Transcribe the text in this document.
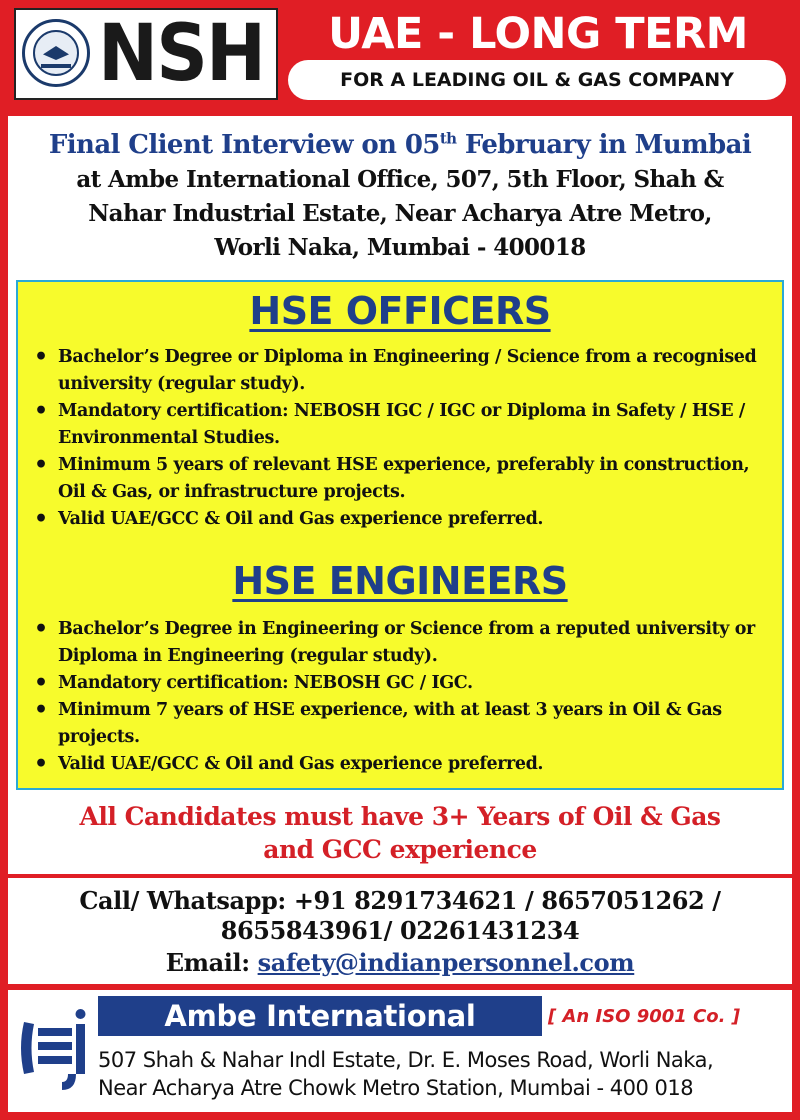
NSH	UAE - LONG TERM
FOR A LEADING OIL & GAS COMPANY
Final Client Interview on 05th February in Mumbai
at Ambe International Office, 507, 5th Floor, Shah &
Nahar Industrial Estate, Near Acharya Atre Metro,
Worli Naka, Mumbai - 400018
HSE OFFICERS
• Bachelor’s Degree or Diploma in Engineering / Science from a recognised university (regular study).
• Mandatory certification: NEBOSH IGC / IGC or Diploma in Safety / HSE / Environmental Studies.
• Minimum 5 years of relevant HSE experience, preferably in construction, Oil & Gas, or infrastructure projects.
• Valid UAE/GCC & Oil and Gas experience preferred.
HSE ENGINEERS
• Bachelor’s Degree in Engineering or Science from a reputed university or Diploma in Engineering (regular study).
• Mandatory certification: NEBOSH GC / IGC.
• Minimum 7 years of HSE experience, with at least 3 years in Oil & Gas projects.
• Valid UAE/GCC & Oil and Gas experience preferred.
All Candidates must have 3+ Years of Oil & Gas
and GCC experience
Call/ Whatsapp: +91 8291734621 / 8657051262 /
8655843961/ 02261431234
Email: safety@indianpersonnel.com
Ambe International	[ An ISO 9001 Co. ]
507 Shah & Nahar Indl Estate, Dr. E. Moses Road, Worli Naka,
Near Acharya Atre Chowk Metro Station, Mumbai - 400 018
